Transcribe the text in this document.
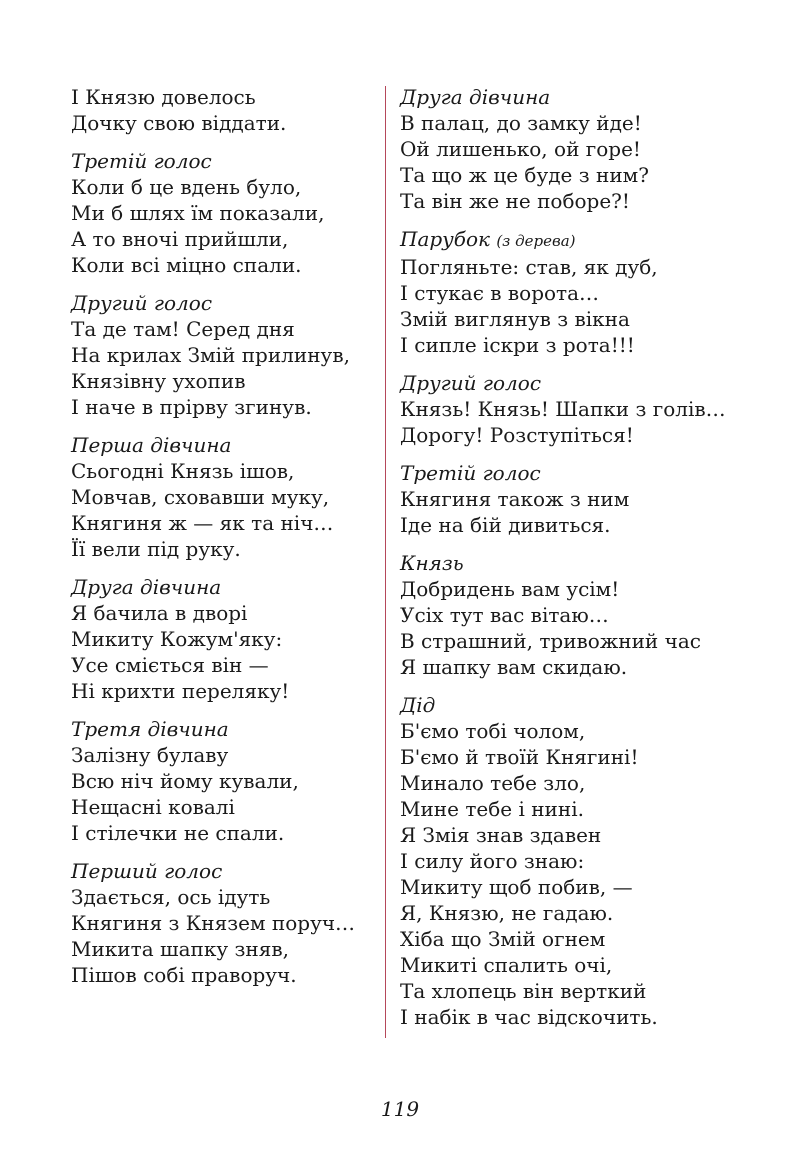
І Князю довелось
Дочку свою віддати.
Третій голос
Коли б це вдень було,
Ми б шлях їм показали,
А то вночі прийшли,
Коли всі міцно спали.
Другий голос
Та де там! Серед дня
На крилах Змій прилинув,
Князівну ухопив
І наче в прірву згинув.
Перша дівчина
Сьогодні Князь ішов,
Мовчав, сховавши муку,
Княгиня ж — як та ніч…
Її вели під руку.
Друга дівчина
Я бачила в дворі
Микиту Кожум'яку:
Усе сміється він —
Ні крихти переляку!
Третя дівчина
Залізну булаву
Всю ніч йому кували,
Нещасні ковалі
І стілечки не спали.
Перший голос
Здається, ось ідуть
Княгиня з Князем поруч…
Микита шапку зняв,
Пішов собі праворуч.
Друга дівчина
В палац, до замку йде!
Ой лишенько, ой горе!
Та що ж це буде з ним?
Та він же не поборе?!
Парубок (з дерева)
Погляньте: став, як дуб,
І стукає в ворота…
Змій виглянув з вікна
І сипле іскри з рота!!!
Другий голос
Князь! Князь! Шапки з голів…
Дорогу! Розступіться!
Третій голос
Княгиня також з ним
Іде на бій дивиться.
Князь
Добридень вам усім!
Усіх тут вас вітаю…
В страшний, тривожний час
Я шапку вам скидаю.
Дід
Б'ємо тобі чолом,
Б'ємо й твоїй Княгині!
Минало тебе зло,
Мине тебе і нині.
Я Змія знав здавен
І силу його знаю:
Микиту щоб побив, —
Я, Князю, не гадаю.
Хіба що Змій огнем
Микиті спалить очі,
Та хлопець він верткий
І набік в час відскочить.
119
